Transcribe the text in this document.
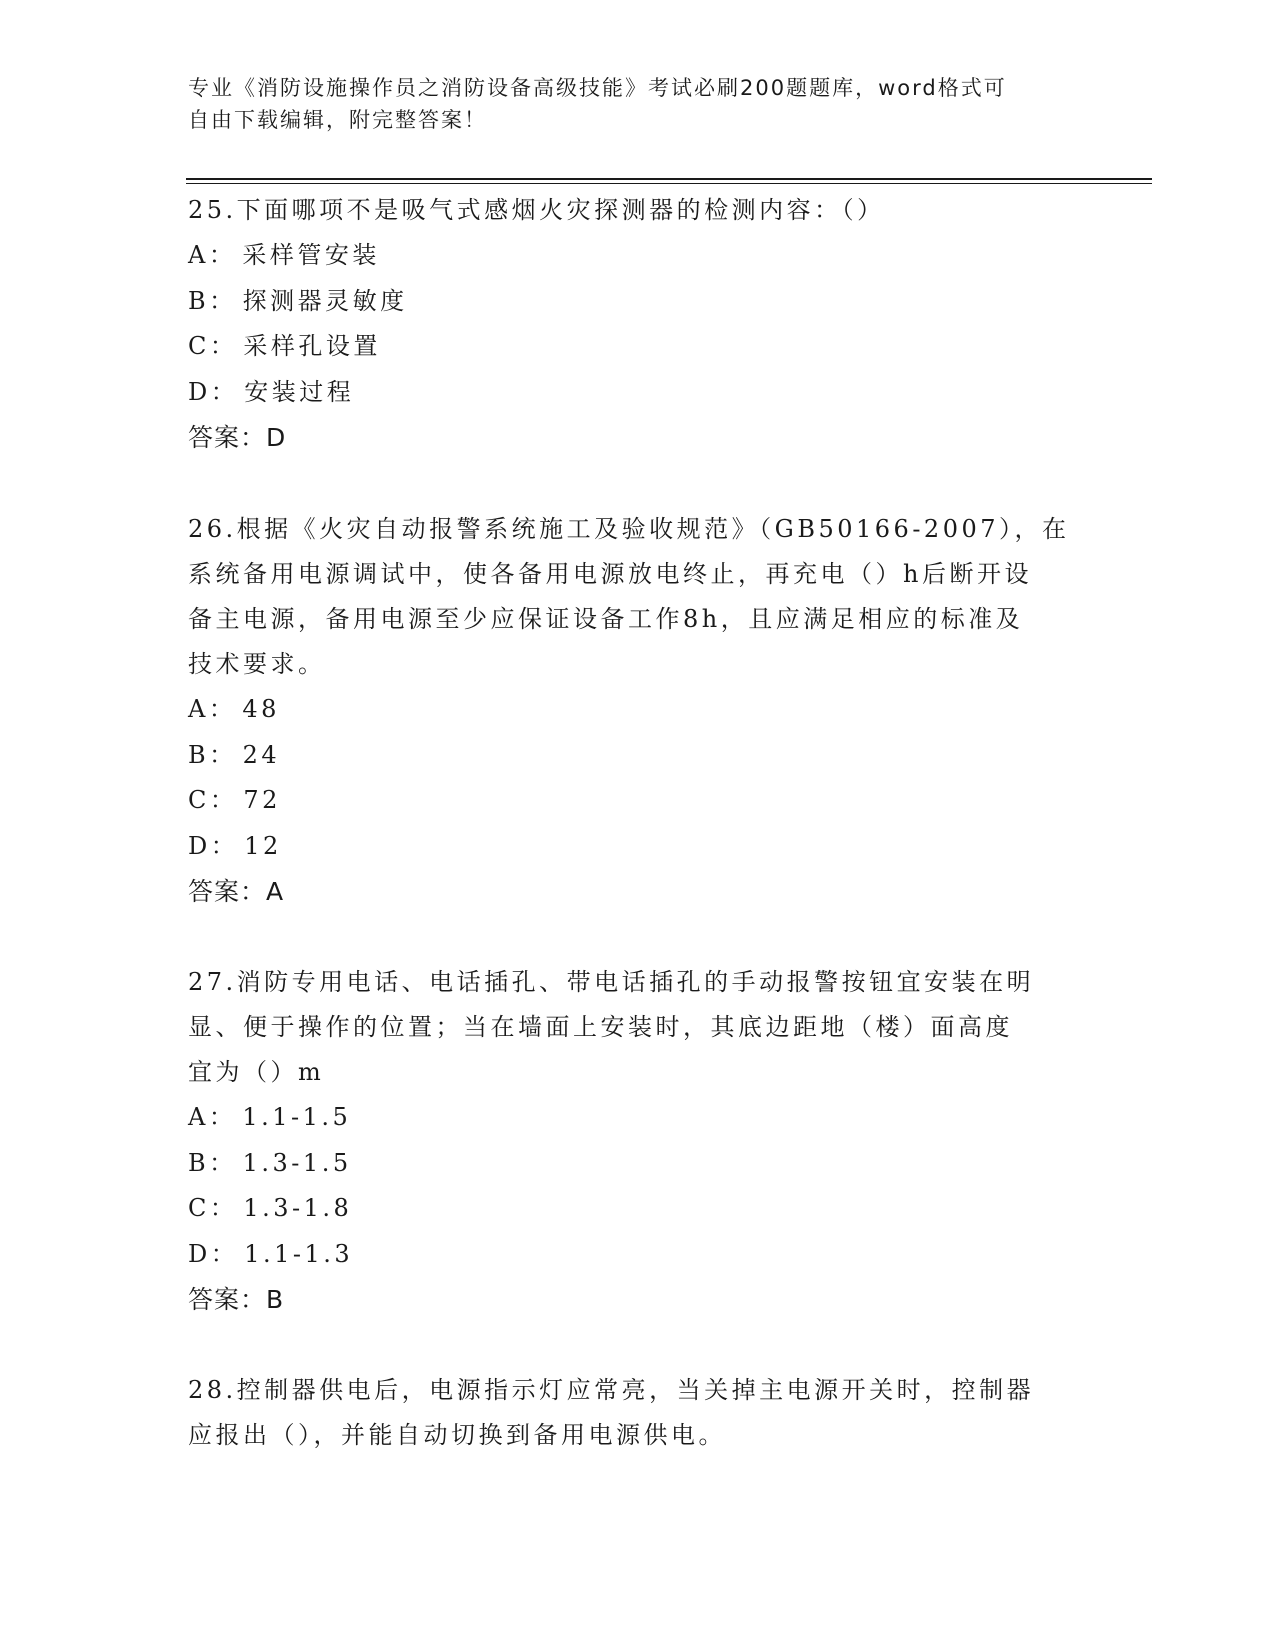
专业《消防设施操作员之消防设备高级技能》考试必刷200题题库，word格式可
自由下载编辑，附完整答案！

25.下面哪项不是吸气式感烟火灾探测器的检测内容：（）

A： 采样管安装

B： 探测器灵敏度

C： 采样孔设置

D： 安装过程

答案：D

26.根据《火灾自动报警系统施工及验收规范》（GB50166-2007），在

系统备用电源调试中，使各备用电源放电终止，再充电（）h后断开设

备主电源，备用电源至少应保证设备工作8h，且应满足相应的标准及

技术要求。

A： 48

B： 24

C： 72

D： 12

答案：A

27.消防专用电话、电话插孔、带电话插孔的手动报警按钮宜安装在明

显、便于操作的位置；当在墙面上安装时，其底边距地（楼）面高度

宜为（）m

A： 1.1-1.5

B： 1.3-1.5

C： 1.3-1.8

D： 1.1-1.3

答案：B

28.控制器供电后，电源指示灯应常亮，当关掉主电源开关时，控制器

应报出（），并能自动切换到备用电源供电。
